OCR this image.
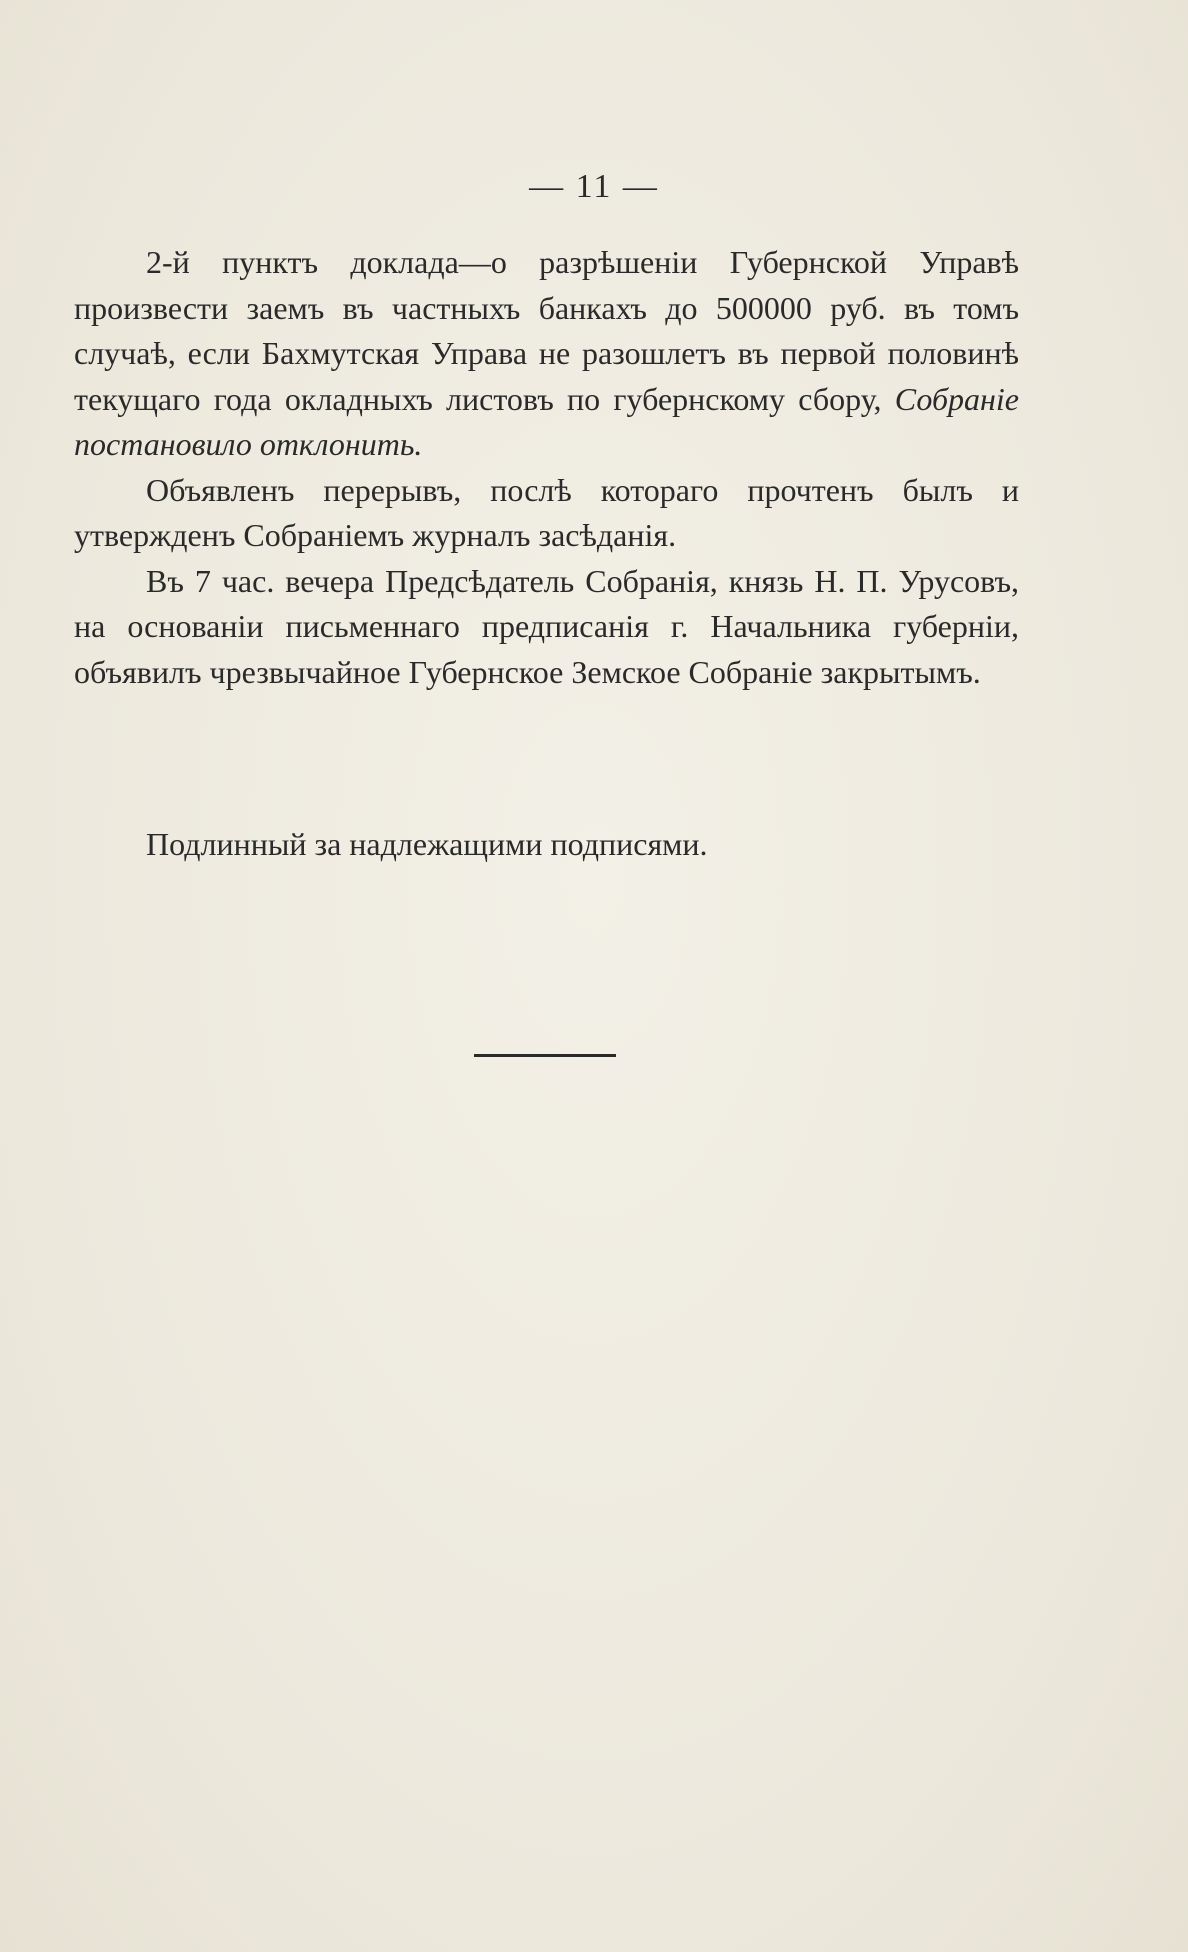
— 11 —

2-й пунктъ доклада—о разрѣшеніи Губернской Управѣ произвести заемъ въ частныхъ банкахъ до 500000 руб. въ томъ случаѣ, если Бахмутская Управа не разошлетъ въ первой половинѣ текущаго года окладныхъ листовъ по губернскому сбору, Собраніе постановило отклонить.

Объявленъ перерывъ, послѣ котораго прочтенъ былъ и утвержденъ Собраніемъ журналъ засѣданія.

Въ 7 час. вечера Предсѣдатель Собранія, князь Н. П. Урусовъ, на основаніи письменнаго предписанія г. Начальника губерніи, объявилъ чрезвычайное Губернское Земское Собраніе закрытымъ.

Подлинный за надлежащими подписями.
